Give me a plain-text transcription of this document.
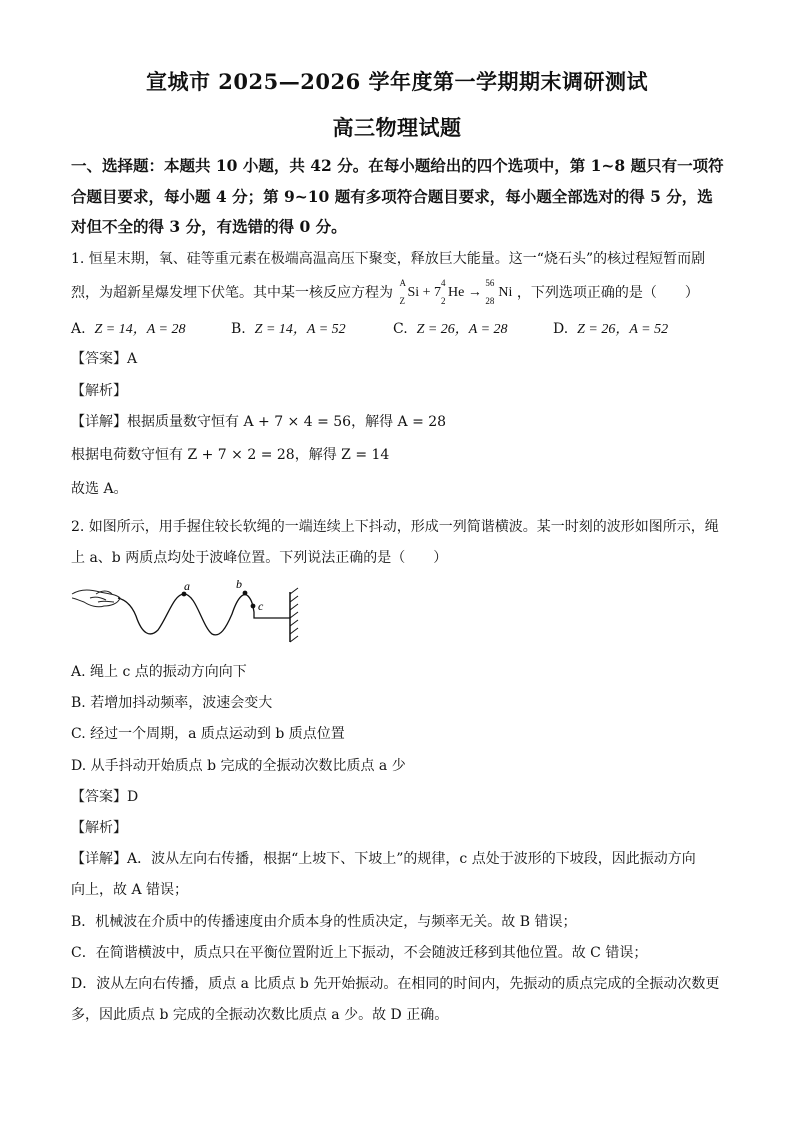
宣城市 2025—2026 学年度第一学期期末调研测试
高三物理试题
一、选择题：本题共 10 小题，共 42 分。在每小题给出的四个选项中，第 1~8 题只有一项符
合题目要求，每小题 4 分；第 9~10 题有多项符合题目要求，每小题全部选对的得 5 分，选
对但不全的得 3 分，有选错的得 0 分。
1. 恒星末期，氧、硅等重元素在极端高温高压下聚变，释放巨大能量。这一“烧石头”的核过程短暂而剧
烈，为超新星爆发埋下伏笔。其中某一核反应方程为
A
Z
Si + 7
4
2
He →
56
28
Ni ，下列选项正确的是（　　）
A. Z = 14，A = 28	B. Z = 14，A = 52	C. Z = 26，A = 28	D. Z = 26，A = 52
【答案】A
【解析】
【详解】根据质量数守恒有 A + 7 × 4 = 56，解得 A = 28
根据电荷数守恒有 Z + 7 × 2 = 28，解得 Z = 14
故选 A。
2. 如图所示，用手握住较长软绳的一端连续上下抖动，形成一列简谐横波。某一时刻的波形如图所示，绳
上 a、b 两质点均处于波峰位置。下列说法正确的是（　　）
a	b
c
A. 绳上 c 点的振动方向向下
B. 若增加抖动频率，波速会变大
C. 经过一个周期，a 质点运动到 b 质点位置
D. 从手抖动开始质点 b 完成的全振动次数比质点 a 少
【答案】D
【解析】
【详解】A．波从左向右传播，根据“上坡下、下坡上”的规律，c 点处于波形的下坡段，因此振动方向
向上，故 A 错误；
B．机械波在介质中的传播速度由介质本身的性质决定，与频率无关。故 B 错误；
C．在简谐横波中，质点只在平衡位置附近上下振动，不会随波迁移到其他位置。故 C 错误；
D．波从左向右传播，质点 a 比质点 b 先开始振动。在相同的时间内，先振动的质点完成的全振动次数更
多，因此质点 b 完成的全振动次数比质点 a 少。故 D 正确。
